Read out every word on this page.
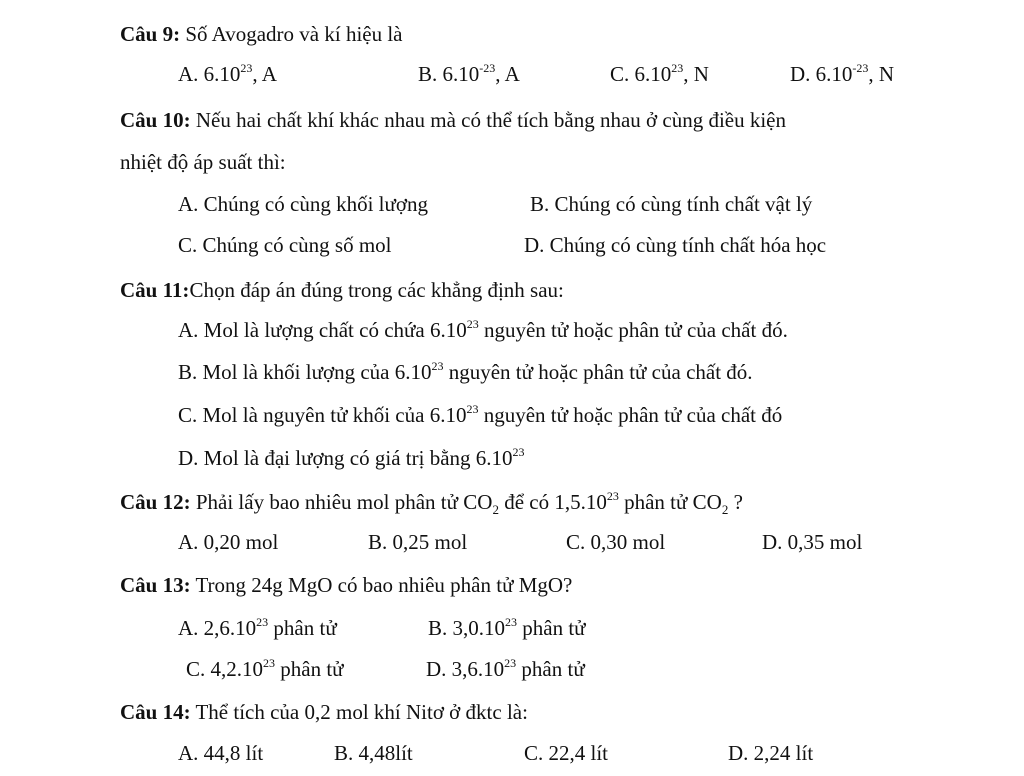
Câu 9: Số Avogadro và kí hiệu là
A. 6.10$^{23}$, A	B. $6.10^{-23}$, A	C. 6.10$^{23}$, N	D. $6.10^{-23}$, N
Câu 10: Nếu hai chất khí khác nhau mà có thể tích bằng nhau ở cùng điều kiện
nhiệt độ áp suất thì:
A. Chúng có cùng khối lượng	B. Chúng có cùng tính chất vật lý
C. Chúng có cùng số mol	D. Chúng có cùng tính chất hóa học
Câu 11:Chọn đáp án đúng trong các khẳng định sau:
A. Mol là lượng chất có chứa 6.10$^{23}$ nguyên tử hoặc phân tử của chất đó.
B. Mol là khối lượng của 6.10$^{23}$ nguyên tử hoặc phân tử của chất đó.
C. Mol là nguyên tử khối của 6.10$^{23}$ nguyên tử hoặc phân tử của chất đó
D. Mol là đại lượng có giá trị bằng 6.10$^{23}$
Câu 12: Phải lấy bao nhiêu mol phân tử $CO_2$ để có 1,5.10$^{23}$ phân tử $CO_2$ ?
A. 0,20 mol	B. 0,25 mol	C. 0,30 mol	D. 0,35 mol
Câu 13: Trong 24g MgO có bao nhiêu phân tử MgO?
A. 2,6.10$^{23}$ phân tử	B. 3,0.10$^{23}$ phân tử
C. 4,2.10$^{23}$ phân tử	D. 3,6.10$^{23}$ phân tử
Câu 14: Thể tích của 0,2 mol khí Nitơ ở đktc là:
A. 44,8 lít	B. 4,48lít	C. 22,4 lít	D. 2,24 lít
